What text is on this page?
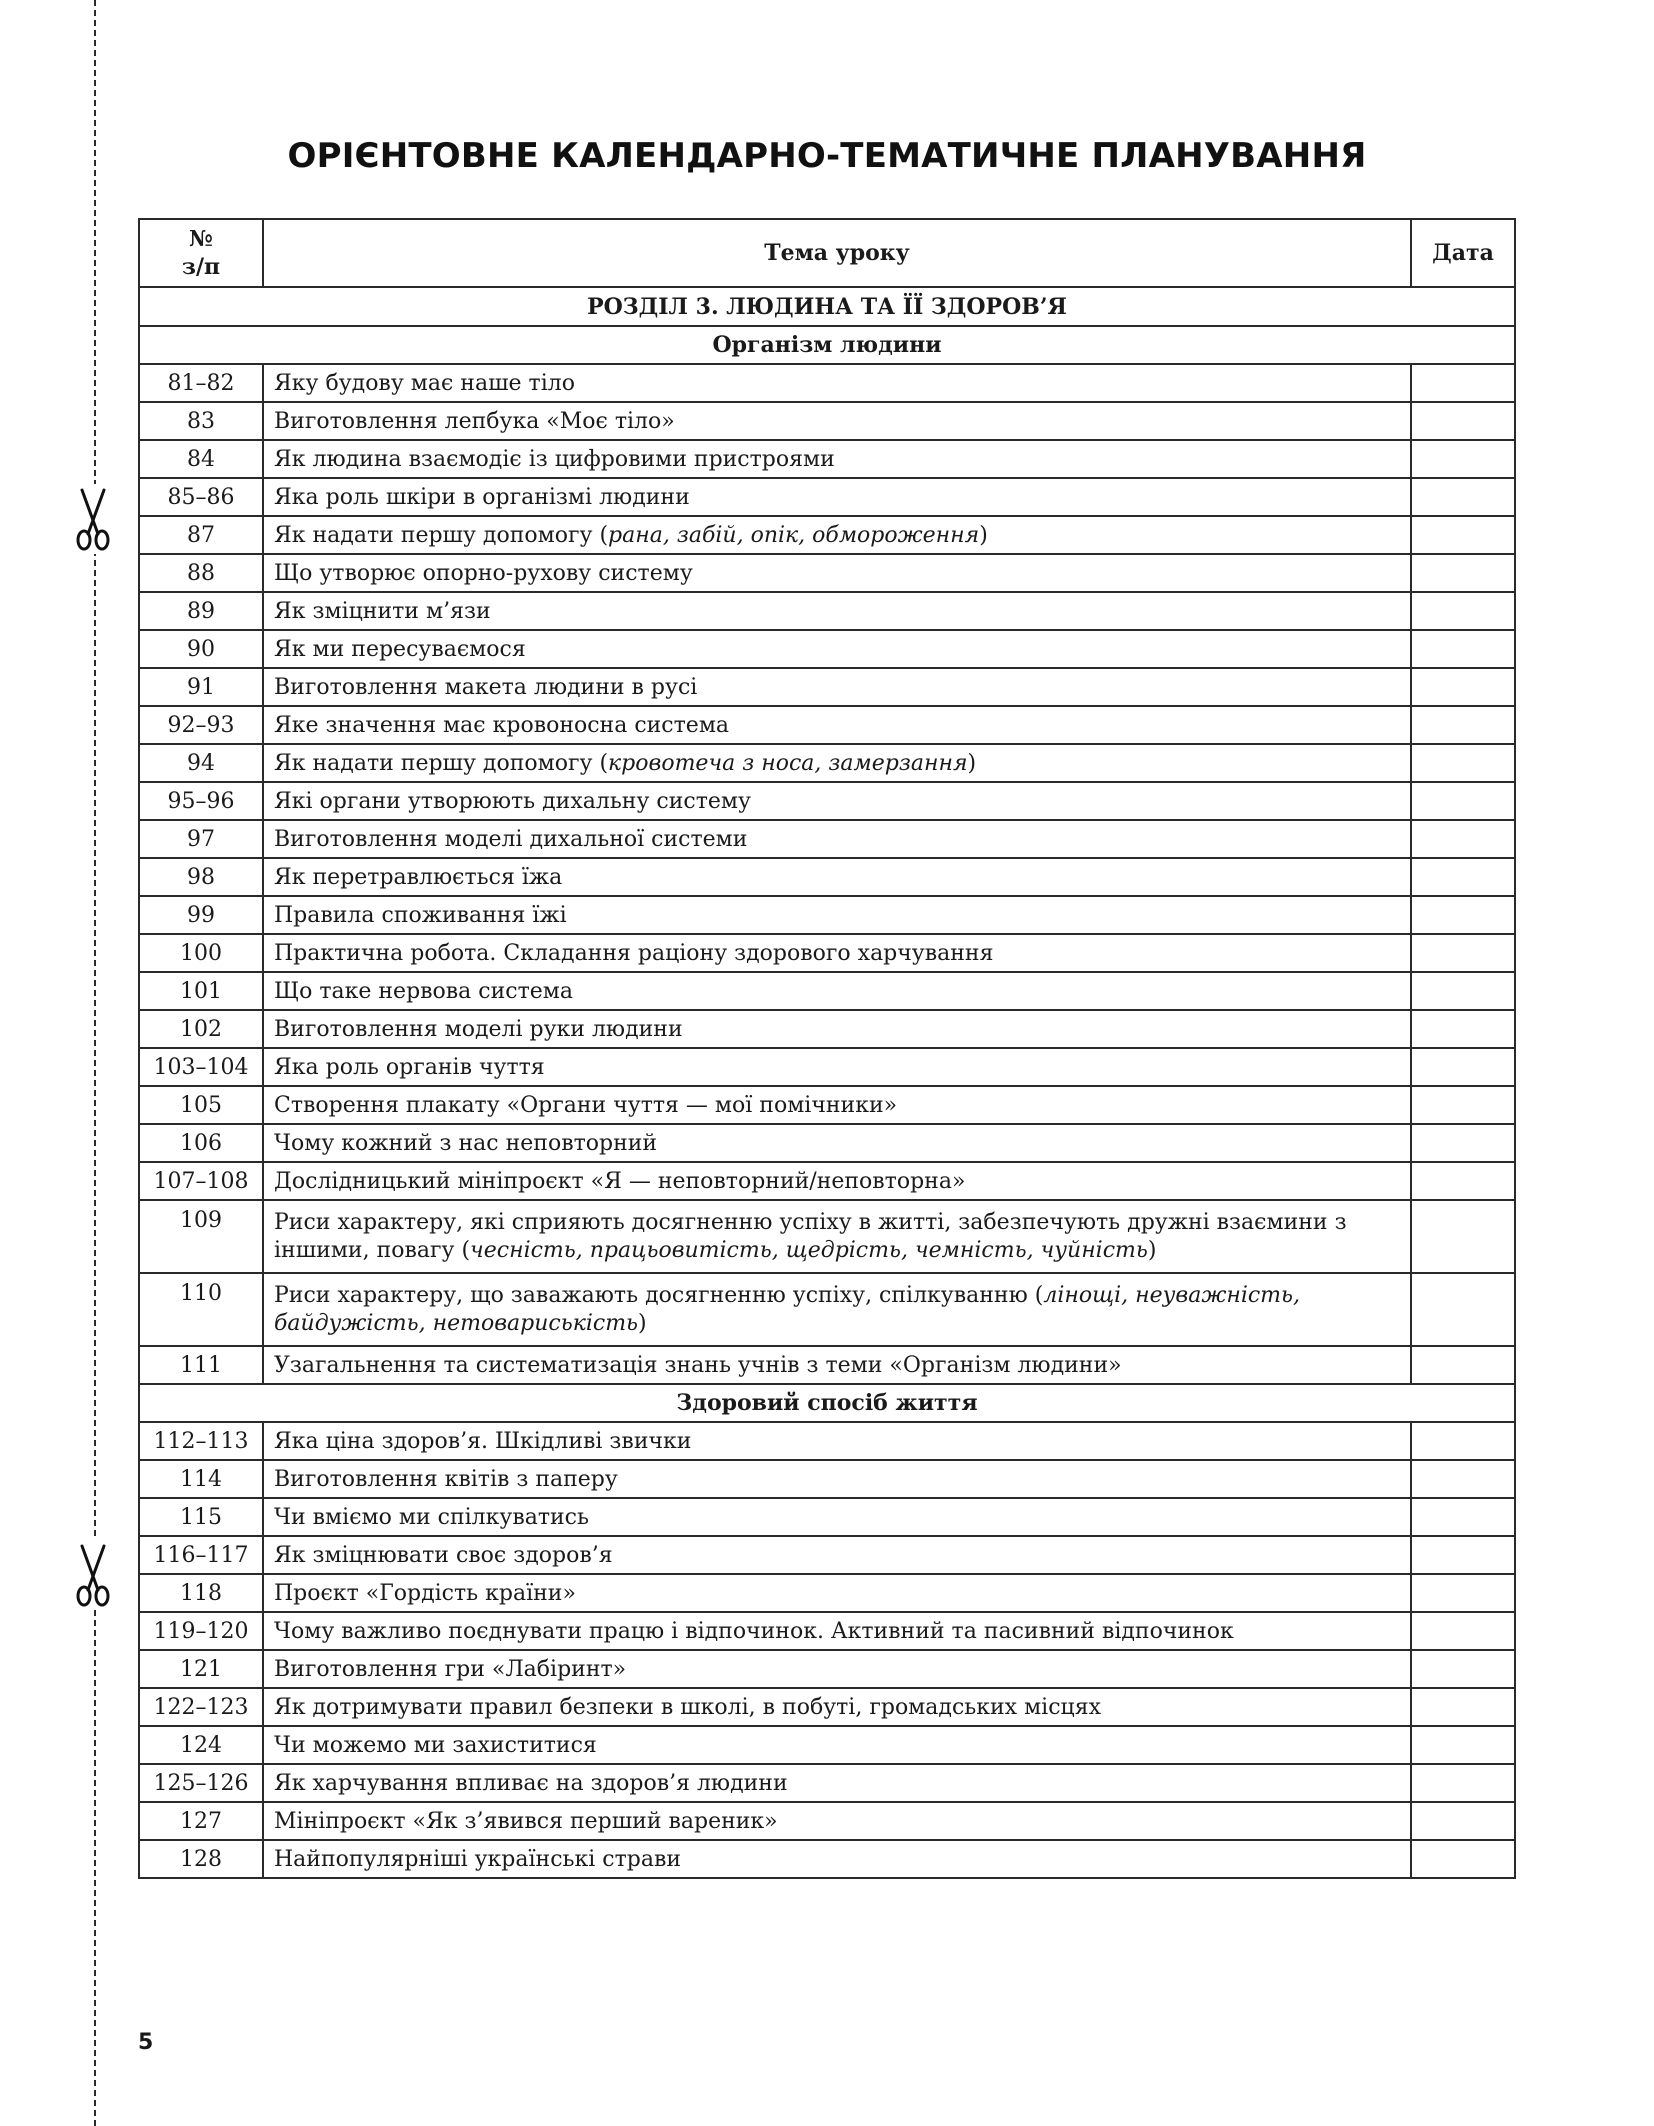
ОРІЄНТОВНЕ КАЛЕНДАРНО-ТЕМАТИЧНЕ ПЛАНУВАННЯ
№
з/п	Тема уроку	Дата
РОЗДІЛ 3. ЛЮДИНА ТА ЇЇ ЗДОРОВ’Я		
Організм людини		
81–82	Яку будову має наше тіло	
83	Виготовлення лепбука «Моє тіло»	
84	Як людина взаємодіє із цифровими пристроями	
85–86	Яка роль шкіри в організмі людини	
87	Як надати першу допомогу (рана, забій, опік, обмороження)	
88	Що утворює опорно-рухову систему	
89	Як зміцнити м’язи	
90	Як ми пересуваємося	
91	Виготовлення макета людини в русі	
92–93	Яке значення має кровоносна система	
94	Як надати першу допомогу (кровотеча з носа, замерзання)	
95–96	Які органи утворюють дихальну систему	
97	Виготовлення моделі дихальної системи	
98	Як перетравлюється їжа	
99	Правила споживання їжі	
100	Практична робота. Складання раціону здорового харчування	
101	Що таке нервова система	
102	Виготовлення моделі руки людини	
103–104	Яка роль органів чуття	
105	Створення плакату «Органи чуття — мої помічники»	
106	Чому кожний з нас неповторний	
107–108	Дослідницький мініпроєкт «Я — неповторний/неповторна»	
109	Риси характеру, які сприяють досягненню успіху в житті, забезпечують дружні взаємини з іншими, повагу (чесність, працьовитість, щедрість, чемність, чуйність)	
110	Риси характеру, що заважають досягненню успіху, спілкуванню (лінощі, неуважність, байдужість, нетовариськість)	
111	Узагальнення та систематизація знань учнів з теми «Організм людини»	
Здоровий спосіб життя		
112–113	Яка ціна здоров’я. Шкідливі звички	
114	Виготовлення квітів з паперу	
115	Чи вміємо ми спілкуватись	
116–117	Як зміцнювати своє здоров’я	
118	Проєкт «Гордість країни»	
119–120	Чому важливо поєднувати працю і відпочинок. Активний та пасивний відпочинок	
121	Виготовлення гри «Лабіринт»	
122–123	Як дотримувати правил безпеки в школі, в побуті, громадських місцях	
124	Чи можемо ми захиститися	
125–126	Як харчування впливає на здоров’я людини	
127	Мініпроєкт «Як з’явився перший вареник»	
128	Найпопулярніші українські страви	
5
